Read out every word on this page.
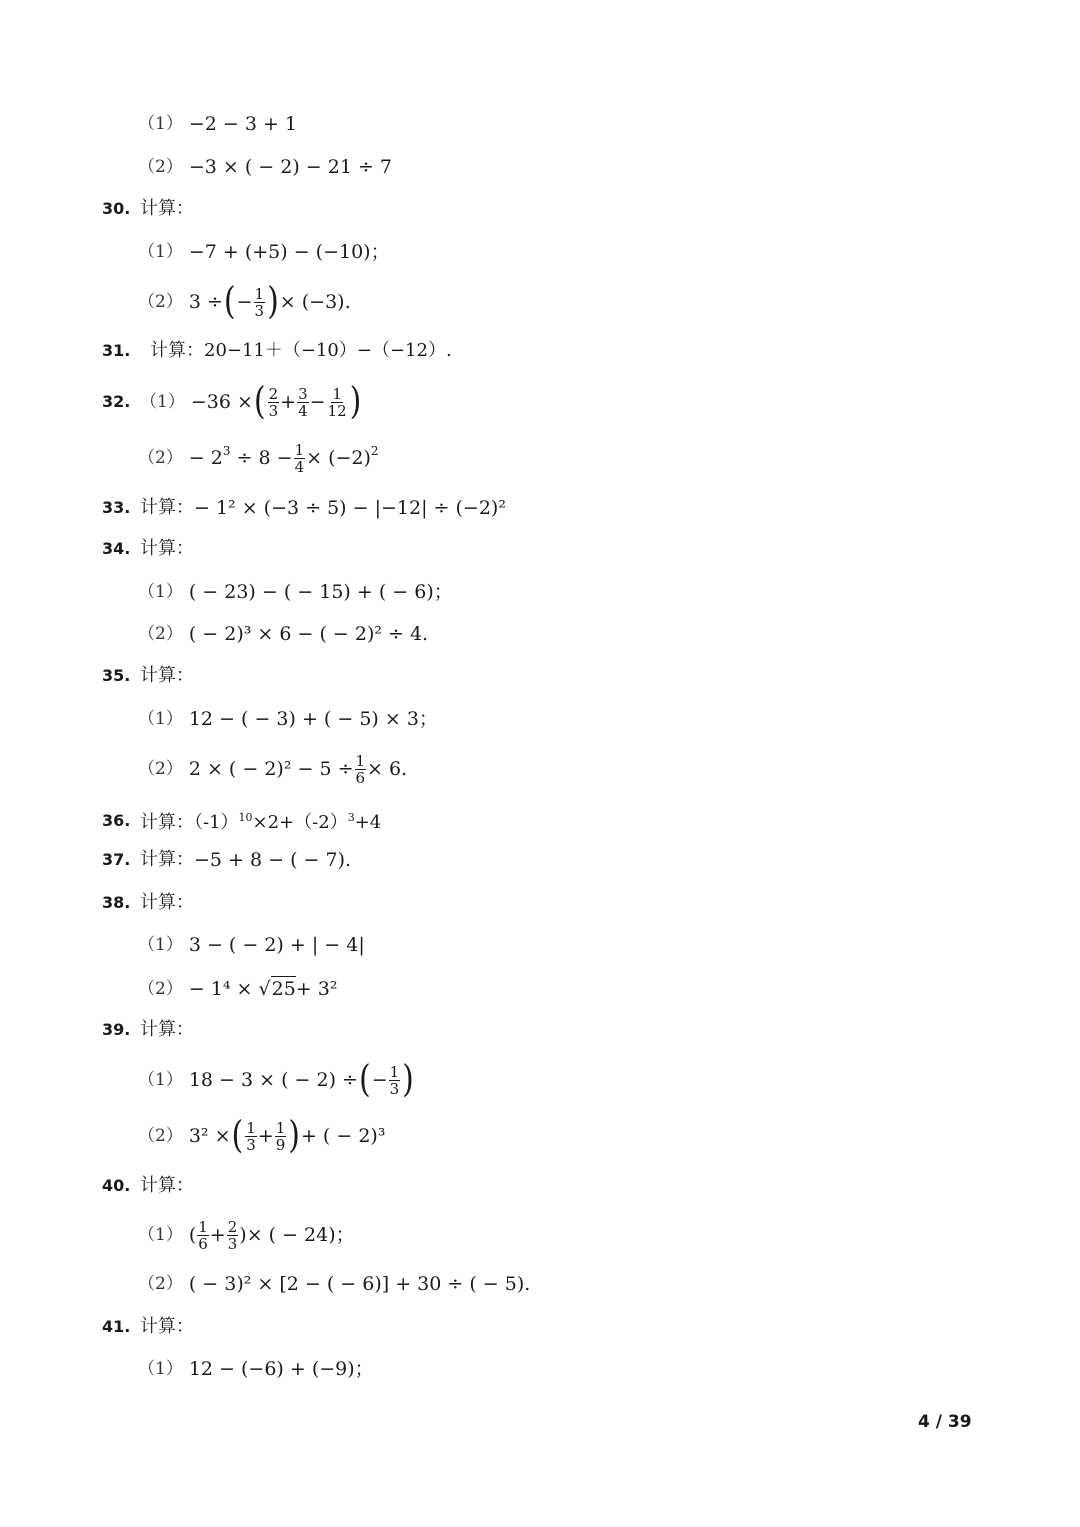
（1） −2 − 3 + 1
（2） −3 × ( − 2) − 21 ÷ 7
30. 计算：
（1） −7 + (+5) − (−10)；
（2） 3 ÷ ( − $\frac{1}{3}$ ) × (−3).
31.	计算：20−11＋（−10）−（−12）.
32. （1） −36 × ( $\frac{2}{3} + \frac{3}{4} - \frac{1}{12}$ )
$(2) - 2^3 \div 8 - \frac{1}{4} \times (-2)^2$
33. 计算： − 1² × (−3 ÷ 5) − |−12| ÷ (−2)²
34. 计算：
（1） ( − 23) − ( − 15) + ( − 6)；
（2） ( − 2)³ × 6 − ( − 2)² ÷ 4.
35. 计算：
（1） 12 − ( − 3) + ( − 5) × 3；
（2） 2 × ( − $2)^2 - 5 \div \frac{1}{6} \times 6$.
36. 计算：$(-1)^{10}\times 2+(-2)^3+4$
37. 计算： −5 + 8 − ( − 7).
38. 计算：
（1） 3 − ( − 2) + | − 4|
（2） − 1⁴ × √ 25 + 3²
39. 计算：
（1） 18 − 3 × ( − 2) ÷ ( − $\frac{1}{3}$ )
（2） 3² × ( $\frac{1}{3} + \frac{1}{9}$ ) + ( − 2)³
40. 计算：
（1） ( $\frac{1}{6} + \frac{2}{3}$ ) × ( − 24)；
（2） ( − 3)² × [2 − ( − 6)] + 30 ÷ ( − 5).
41. 计算：
（1） 12 − (−6) + (−9)；
4 / 39
